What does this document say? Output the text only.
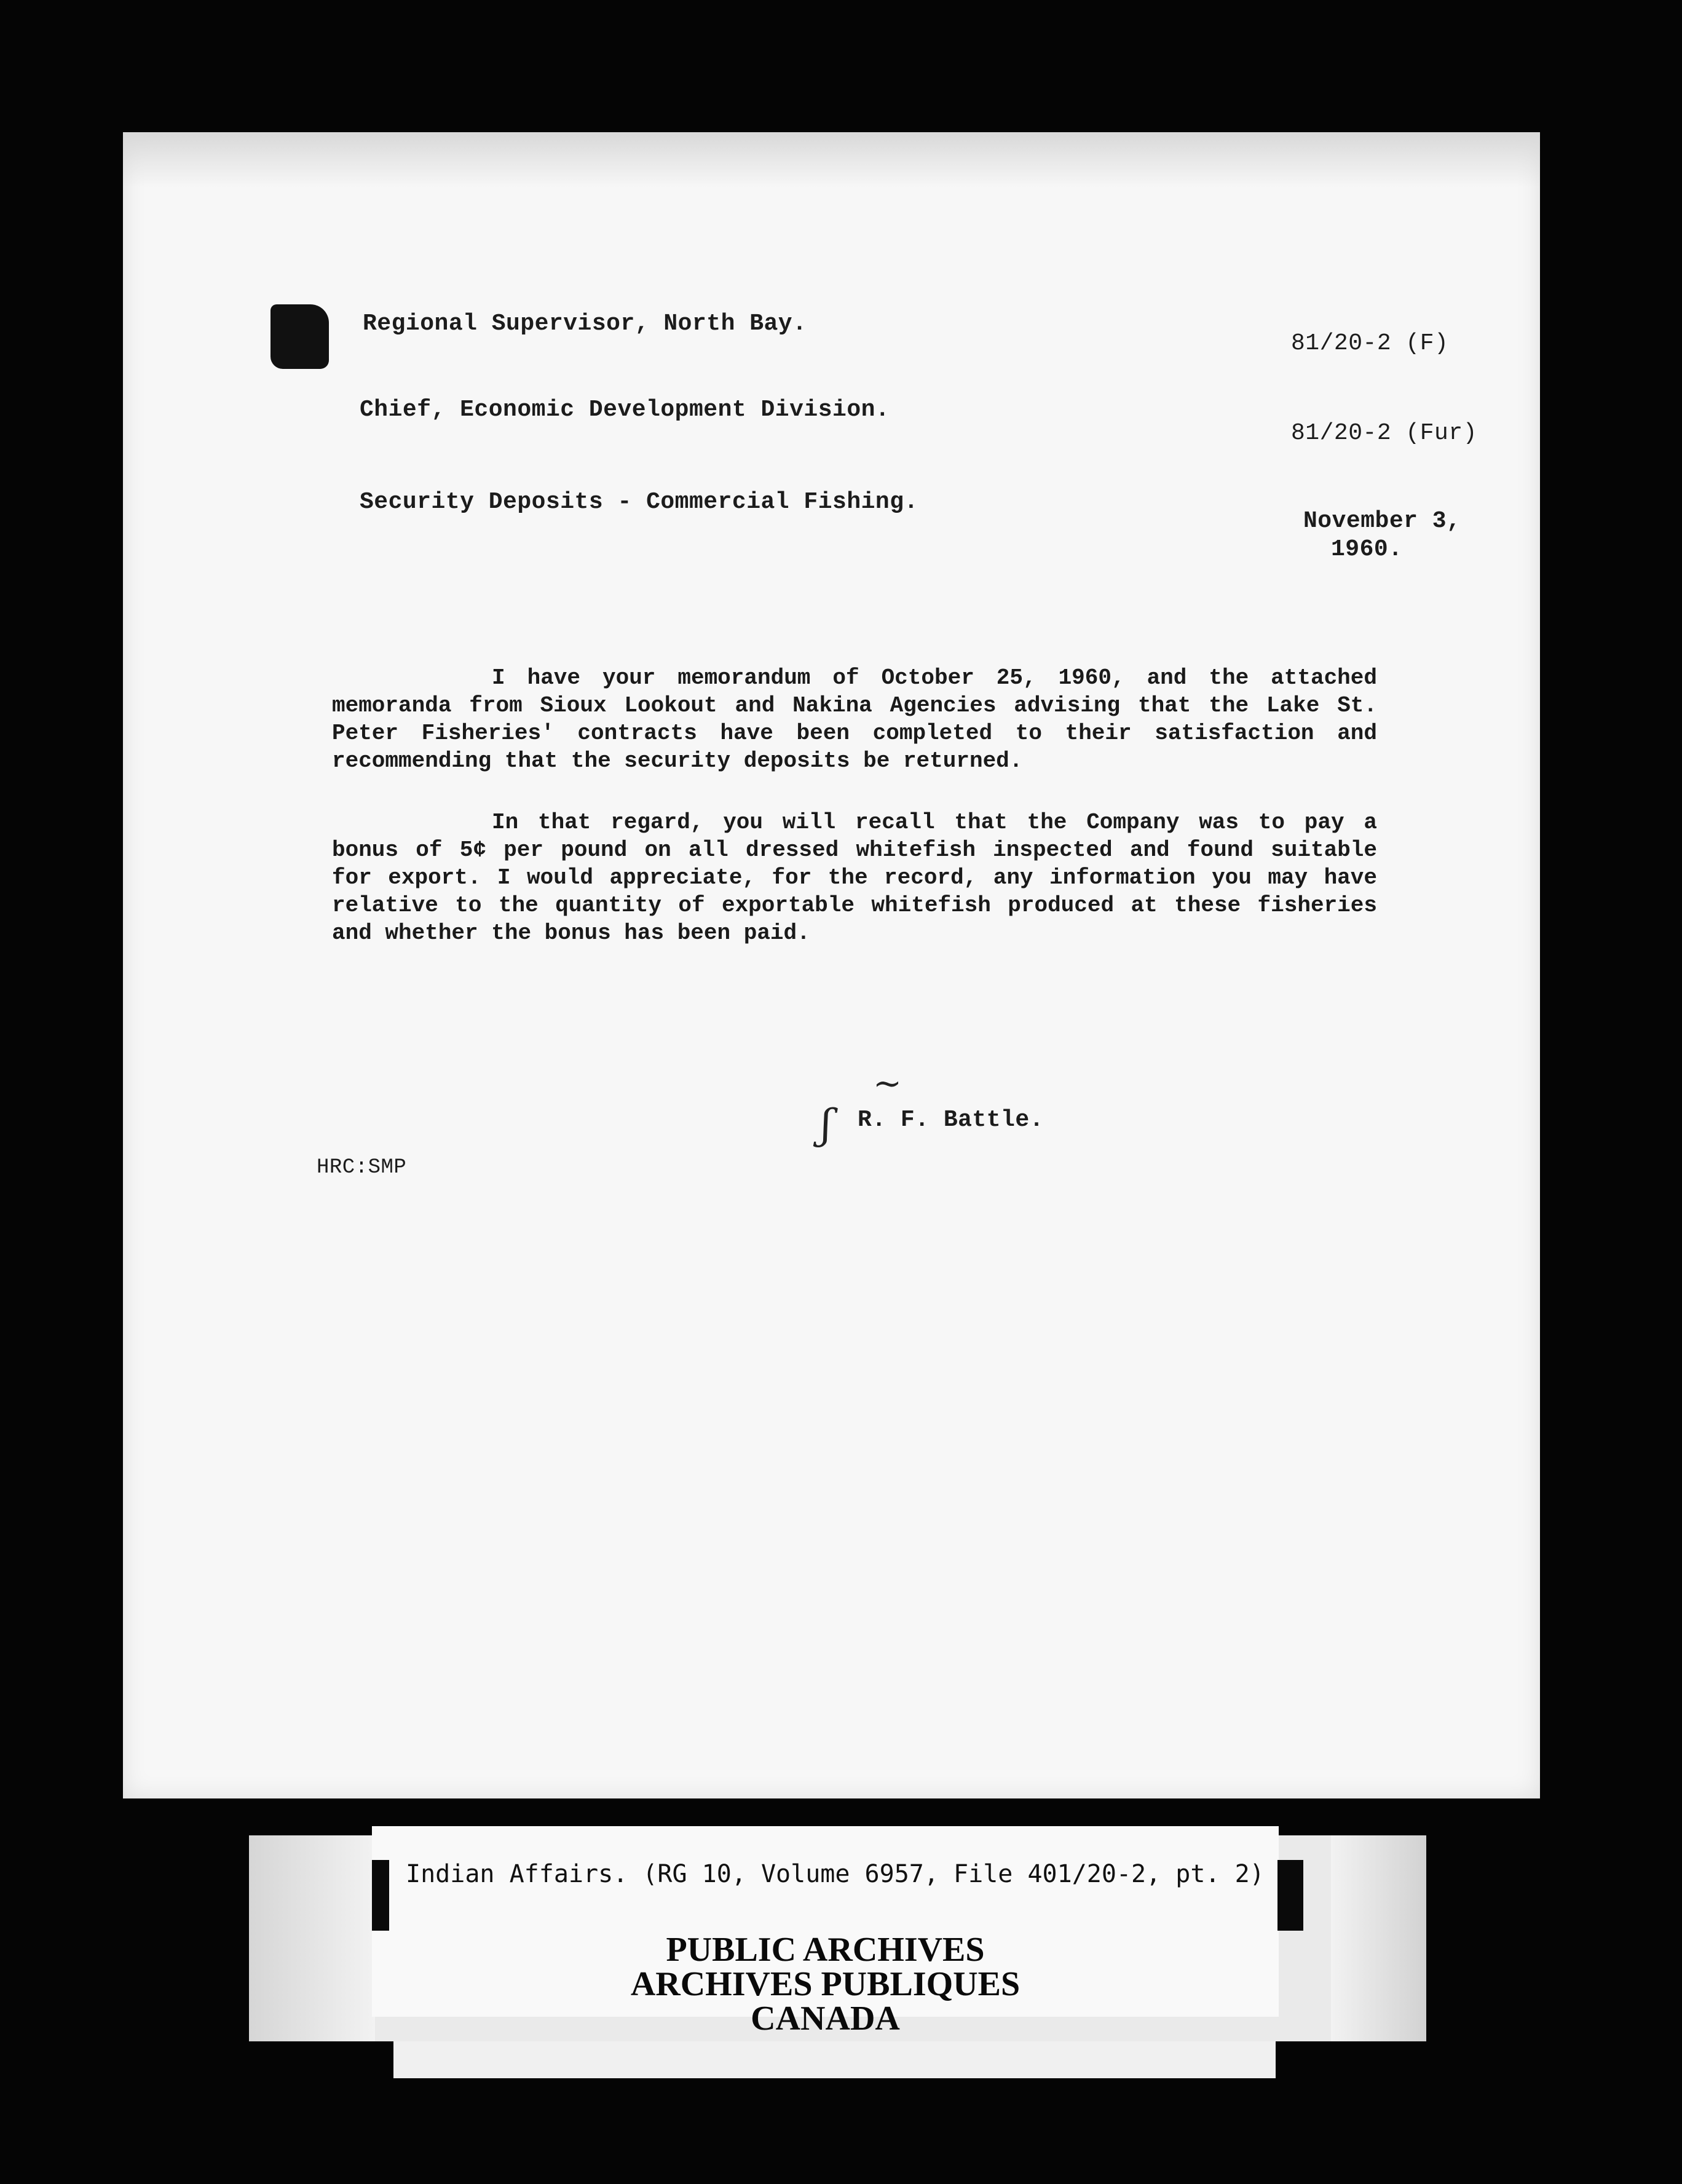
Regional Supervisor, North Bay.
81/20-2 (F)
Chief, Economic Development Division.
81/20-2 (Fur)
Security Deposits - Commercial Fishing.
November 3,
1960.

I have your memorandum of October 25, 1960, and the attached memoranda from Sioux Lookout and Nakina Agencies advising that the Lake St. Peter Fisheries' contracts have been completed to their satisfaction and recommending that the security deposits be returned.

In that regard, you will recall that the Company was to pay a bonus of 5¢ per pound on all dressed whitefish inspected and found suitable for export. I would appreciate, for the record, any information you may have relative to the quantity of exportable whitefish produced at these fisheries and whether the bonus has been paid.

~
ʃ R. F. Battle.
HRC:SMP
Indian Affairs. (RG 10, Volume 6957, File 401/20-2, pt. 2)
PUBLIC ARCHIVES
ARCHIVES PUBLIQUES
CANADA
